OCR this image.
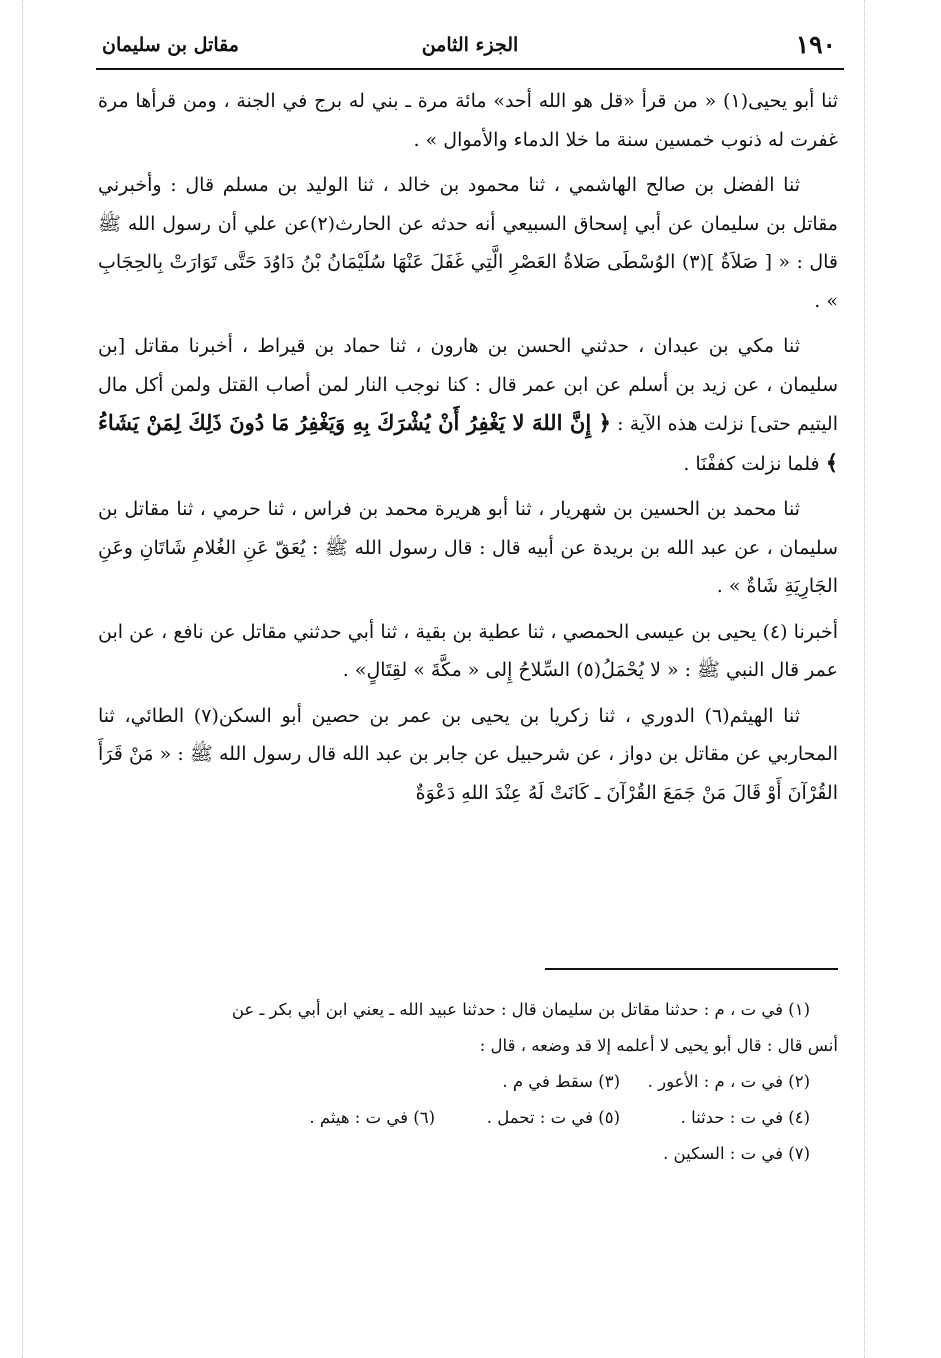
١٩٠
الجزء الثامن
مقاتل بن سليمان

ثنا أبو يحيى(١) « من قرأ «قل هو الله أحد» مائة مرة ـ بني له برج في الجنة ، ومن قرأها مرة غفرت له ذنوب خمسين سنة ما خلا الدماء والأموال » .

ثنا الفضل بن صالح الهاشمي ، ثنا محمود بن خالد ، ثنا الوليد بن مسلم قال : وأخبرني مقاتل بن سليمان عن أبي إسحاق السبيعي أنه حدثه عن الحارث(٢)عن علي أن رسول الله ﷺ قال : « [ صَلاَةُ ](٣) الوُسْطَى صَلاةُ العَصْرِ الَّتِي غَفَلَ عَنْهَا سُلَيْمَانُ بْنُ دَاوُدَ حَتَّى تَوَارَتْ بِالحِجَابِ » .

ثنا مكي بن عبدان ، حدثني الحسن بن هارون ، ثنا حماد بن قيراط ، أخبرنا مقاتل [بن سليمان ، عن زيد بن أسلم عن ابن عمر قال : كنا نوجب النار لمن أصاب القتل ولمن أكل مال اليتيم حتى] نزلت هذه الآية : ﴿ إِنَّ اللهَ لا يَغْفِرُ أَنْ يُشْرَكَ بِهِ وَيَغْفِرُ مَا دُونَ ذَلِكَ لِمَنْ يَشَاءُ ﴾ فلما نزلت كففْنَا .

ثنا محمد بن الحسين بن شهريار ، ثنا أبو هريرة محمد بن فراس ، ثنا حرمي ، ثنا مقاتل بن سليمان ، عن عبد الله بن بريدة عن أبيه قال : قال رسول الله ﷺ : يُعَقّ عَنِ الغُلامِ شَاتَانِ وعَنِ الجَارِيَةِ شَاةٌ » .

أخبرنا (٤) يحيى بن عيسى الحمصي ، ثنا عطية بن بقية ، ثنا أبي حدثني مقاتل عن نافع ، عن ابن عمر قال النبي ﷺ : « لا يُحْمَلُ(٥) السِّلاحُ إِلى « مكَّةَ » لقِتَالٍ» .

ثنا الهيثم(٦) الدوري ، ثنا زكريا بن يحيى بن عمر بن حصين أبو السكن(٧) الطائي، ثنا المحاربي عن مقاتل بن دواز ، عن شرحبيل عن جابر بن عبد الله قال رسول الله ﷺ : « مَنْ قَرَأَ القُرْآنَ أَوْ قَالَ مَنْ جَمَعَ القُرْآنَ ـ كَانَتْ لَهُ عِنْدَ اللهِ دَعْوَةٌ

(١) في ت ، م : حدثنا مقاتل بن سليمان قال : حدثنا عبيد الله ـ يعني ابن أبي بكر ـ عن
أنس قال : قال أبو يحيى لا أعلمه إلا قد وضعه ، قال :
(٢) في ت ، م : الأعور .
(٣) سقط في م .
(٤) في ت : حدثنا .
(٥) في ت : تحمل .
(٦) في ت : هيثم .
(٧) في ت : السكين .
